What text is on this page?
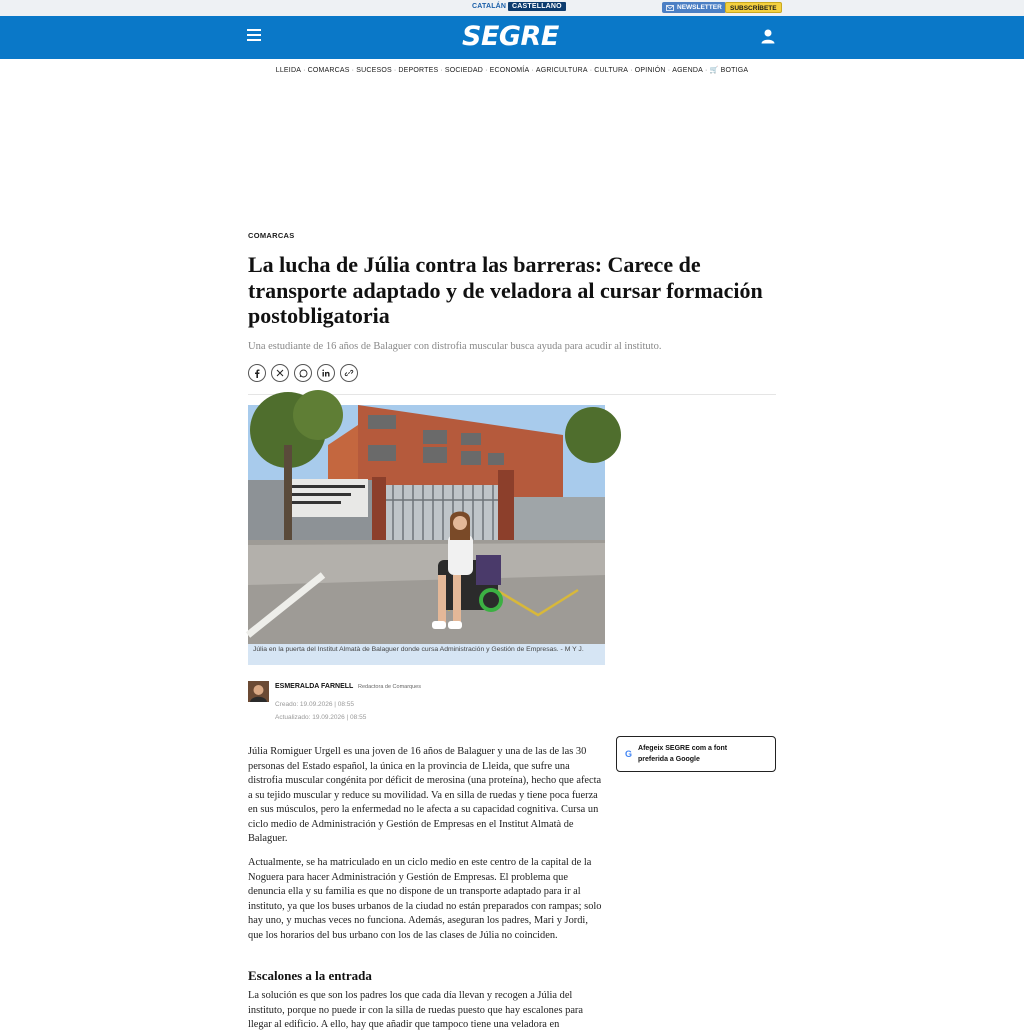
CATALÁN CASTELLANO	NEWSLETTER	SUBSCRÍBETE
SEGRE
LLEIDA · COMARCAS · SUCESOS · DEPORTES · SOCIEDAD · ECONOMÍA · AGRICULTURA · CULTURA · OPINIÓN · AGENDA · 🛒 BOTIGA
COMARCAS
La lucha de Júlia contra las barreras: Carece de transporte adaptado y de veladora al cursar formación postobligatoria

Una estudiante de 16 años de Balaguer con distrofia muscular busca ayuda para acudir al instituto.

Júlia en la puerta del Institut Almatà de Balaguer donde cursa Administración y Gestión de Empresas. - M Y J.
ESMERALDA FARNELL Redactora de Comarques
Creado: 19.09.2026 | 08:55
Actualizado: 19.09.2026 | 08:55

Júlia Romiguer Urgell es una joven de 16 años de Balaguer y una de las de las 30 personas del Estado español, la única en la provincia de Lleida, que sufre una distrofia muscular congénita por déficit de merosina (una proteína), hecho que afecta a su tejido muscular y reduce su movilidad. Va en silla de ruedas y tiene poca fuerza en sus músculos, pero la enfermedad no le afecta a su capacidad cognitiva. Cursa un ciclo medio de Administración y Gestión de Empresas en el Institut Almatà de Balaguer.

Actualmente, se ha matriculado en un ciclo medio en este centro de la capital de la Noguera para hacer Administración y Gestión de Empresas. El problema que denuncia ella y su familia es que no dispone de un transporte adaptado para ir al instituto, ya que los buses urbanos de la ciudad no están preparados con rampas; solo hay uno, y muchas veces no funciona. Además, aseguran los padres, Mari y Jordi, que los horarios del bus urbano con los de las clases de Júlia no coinciden.

Escalones a la entrada

La solución es que son los padres los que cada día llevan y recogen a Júlia del instituto, porque no puede ir con la silla de ruedas puesto que hay escalones para llegar al edificio. A ello, hay que añadir que tampoco tiene una veladora en

G
Afegeix SEGRE com a font preferida a Google
